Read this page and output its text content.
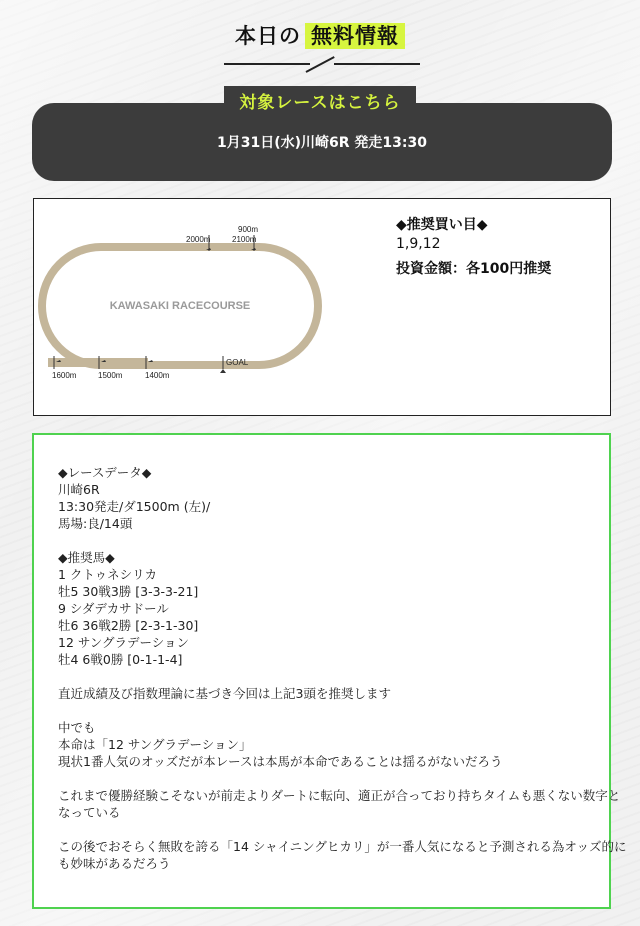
本日の 無料情報
対象レースはこちら
1月31日(水)川崎6R 発走13:30
KAWASAKI RACECOURSE
2000m
900m
2100m
1600m	1500m	1400m
GOAL
◆推奨買い目◆
1,9,12
投資金額：各100円推奨
◆レースデータ◆
川崎6R
13:30発走/ダ1500m (左)/
馬場:良/14頭
◆推奨馬◆
1 クトゥネシリカ
牡5 30戦3勝 [3-3-3-21]
9 シダデカサドール
牡6 36戦2勝 [2-3-1-30]
12 サングラデーション
牡4 6戦0勝 [0-1-1-4]
直近成績及び指数理論に基づき今回は上記3頭を推奨します
中でも
本命は「12 サングラデーション」
現状1番人気のオッズだが本レースは本馬が本命であることは揺るがないだろう
これまで優勝経験こそないが前走よりダートに転向、適正が合っており持ちタイムも悪くない数字と
なっている
この後でおそらく無敗を誇る「14 シャイニングヒカリ」が一番人気になると予測される為オッズ的に
も妙味があるだろう
